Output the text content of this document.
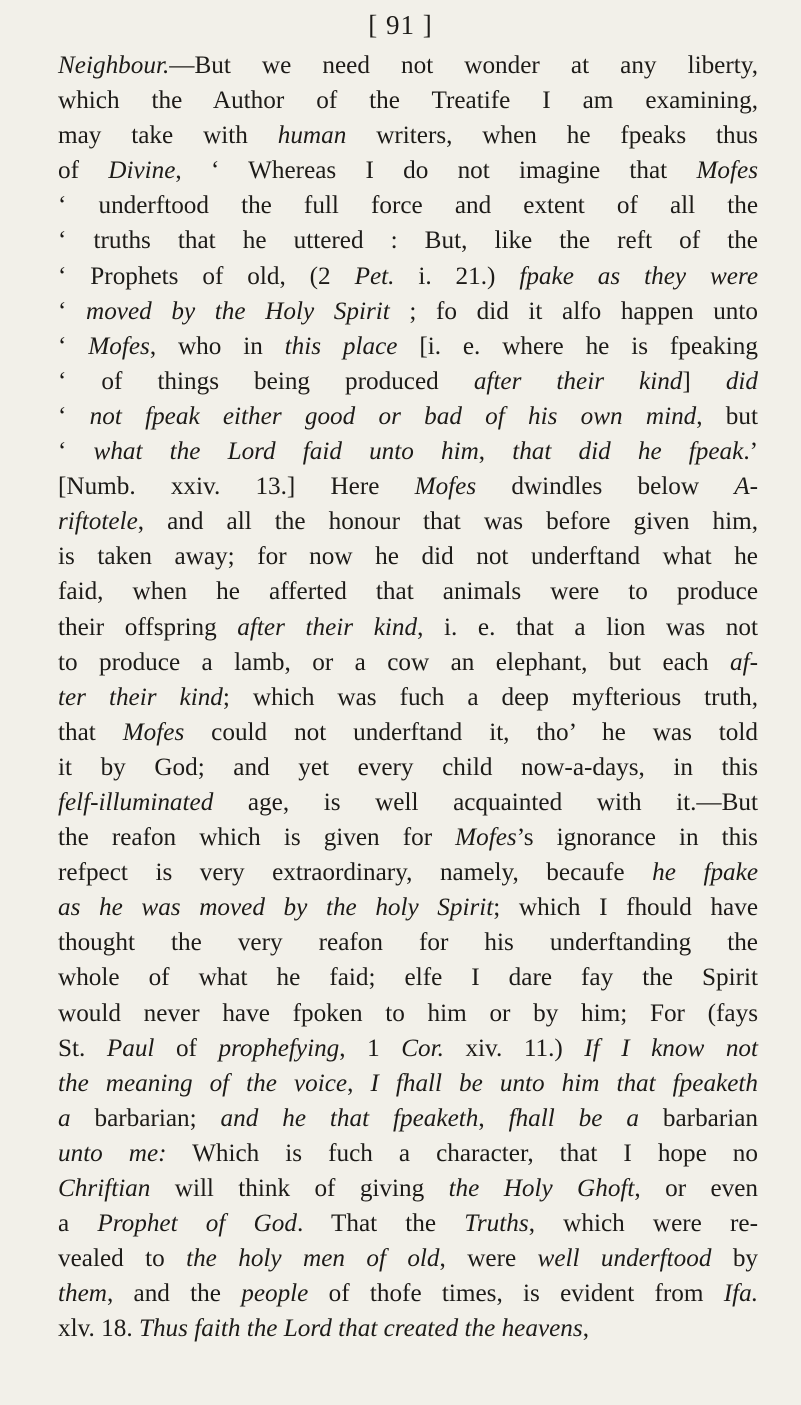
[ 91 ]
Neighbour.—But we need not wonder at any liberty,
which the Author of the Treatife I am examining,
may take with human writers, when he fpeaks thus
of Divine, ‘ Whereas I do not imagine that Mofes
‘ underftood the full force and extent of all the
‘ truths that he uttered : But, like the reft of the
‘ Prophets of old, (2 Pet. i. 21.) fpake as they were
‘ moved by the Holy Spirit ; fo did it alfo happen unto
‘ Mofes, who in this place [i. e. where he is fpeaking
‘ of things being produced after their kind] did
‘ not fpeak either good or bad of his own mind, but
‘ what the Lord faid unto him, that did he fpeak.’
[Numb. xxiv. 13.] Here Mofes dwindles below A-
riftotele, and all the honour that was before given him,
is taken away; for now he did not underftand what he
faid, when he afferted that animals were to produce
their offspring after their kind, i. e. that a lion was not
to produce a lamb, or a cow an elephant, but each af-
ter their kind; which was fuch a deep myfterious truth,
that Mofes could not underftand it, tho’ he was told
it by God; and yet every child now-a-days, in this
felf-illuminated age, is well acquainted with it.—But
the reafon which is given for Mofes’s ignorance in this
refpect is very extraordinary, namely, becaufe he fpake
as he was moved by the holy Spirit; which I fhould have
thought the very reafon for his underftanding the
whole of what he faid; elfe I dare fay the Spirit
would never have fpoken to him or by him; For (fays
St. Paul of prophefying, 1 Cor. xiv. 11.) If I know not
the meaning of the voice, I fhall be unto him that fpeaketh
a barbarian; and he that fpeaketh, fhall be a barbarian
unto me: Which is fuch a character, that I hope no
Chriftian will think of giving the Holy Ghoft, or even
a Prophet of God. That the Truths, which were re-
vealed to the holy men of old, were well underftood by
them, and the people of thofe times, is evident from Ifa.
xlv. 18. Thus faith the Lord that created the heavens,
